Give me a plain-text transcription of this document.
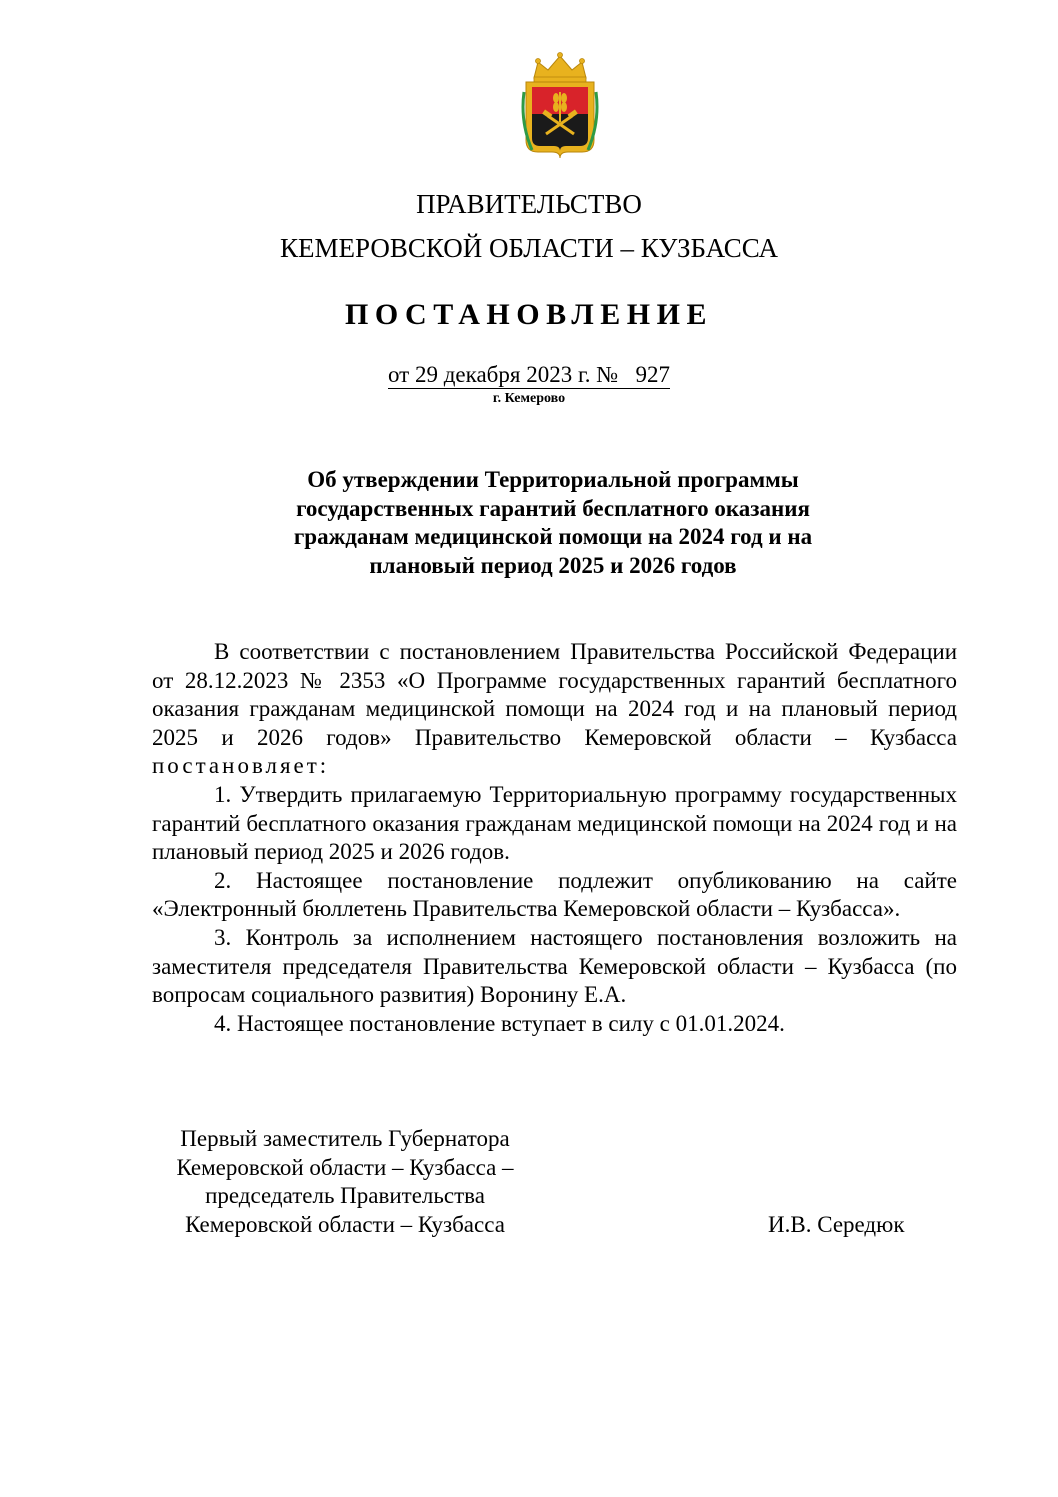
ПРАВИТЕЛЬСТВО
КЕМЕРОВСКОЙ ОБЛАСТИ – КУЗБАССА
ПОСТАНОВЛЕНИЕ
от 29 декабря 2023 г. №   927
г. Кемерово
Об утверждении Территориальной программы
государственных гарантий бесплатного оказания
гражданам медицинской помощи на 2024 год и на
плановый период 2025 и 2026 годов

В соответствии с постановлением Правительства Российской Федерации от 28.12.2023 № 2353 «О Программе государственных гарантий бесплатного оказания гражданам медицинской помощи на 2024 год и на плановый период 2025 и 2026 годов» Правительство Кемеровской области – Кузбасса постановляет:

1. Утвердить прилагаемую Территориальную программу государственных гарантий бесплатного оказания гражданам медицинской помощи на 2024 год и на плановый период 2025 и 2026 годов.

2. Настоящее постановление подлежит опубликованию на сайте «Электронный бюллетень Правительства Кемеровской области – Кузбасса».

3. Контроль за исполнением настоящего постановления возложить на заместителя председателя Правительства Кемеровской области – Кузбасса (по вопросам социального развития) Воронину Е.А.

4. Настоящее постановление вступает в силу с 01.01.2024.

Первый заместитель Губернатора
Кемеровской области – Кузбасса –
председатель Правительства
Кемеровской области – Кузбасса	И.В. Середюк
